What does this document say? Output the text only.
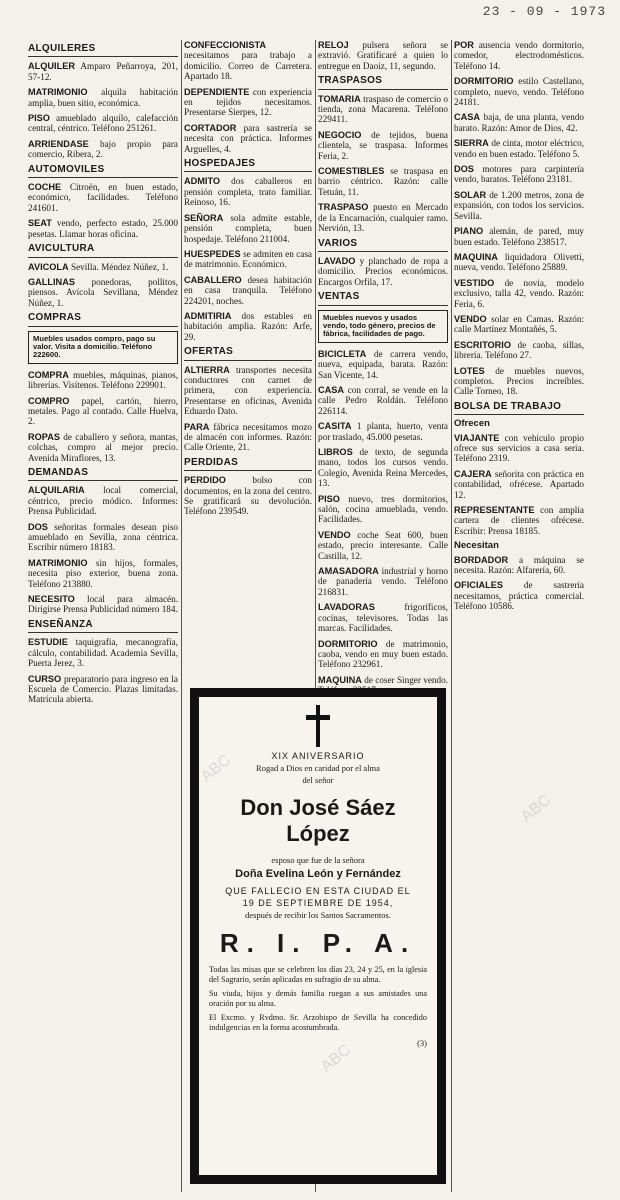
23 - 09 - 1973
ALQUILERES

ALQUILER Amparo Peñarroya, 201, 57-12.

MATRIMONIO alquila habitación amplia, buen sitio, económica.

PISO amueblado alquilo, calefacción central, céntrico. Teléfono 251261.

ARRIENDASE bajo propio para comercio, Ribera, 2.

AUTOMOVILES

COCHE Citroën, en buen estado, económico, facilidades. Teléfono 241601.

SEAT vendo, perfecto estado, 25.000 pesetas. Llamar horas oficina.

AVICULTURA

AVICOLA Sevilla. Méndez Núñez, 1.

GALLINAS ponedoras, pollitos, piensos. Avícola Sevillana, Méndez Núñez, 1.

COMPRAS
Muebles usados compro, pago su valor. Visita a domicilio. Teléfono 222600.

COMPRA muebles, máquinas, pianos, librerías. Visítenos. Teléfono 229901.

COMPRO papel, cartón, hierro, metales. Pago al contado. Calle Huelva, 2.

ROPAS de caballero y señora, mantas, colchas, compro al mejor precio. Avenida Miraflores, 13.

DEMANDAS

ALQUILARIA local comercial, céntrico, precio módico. Informes: Prensa Publicidad.

DOS señoritas formales desean piso amueblado en Sevilla, zona céntrica. Escribir número 18183.

MATRIMONIO sin hijos, formales, necesita piso exterior, buena zona. Teléfono 213880.

NECESITO local para almacén. Dirigirse Prensa Publicidad número 184.

ENSEÑANZA

ESTUDIE taquigrafía, mecanografía, cálculo, contabilidad. Academia Sevilla, Puerta Jerez, 3.

CURSO preparatorio para ingreso en la Escuela de Comercio. Plazas limitadas. Matrícula abierta.

CONFECCIONISTA necesitamos para trabajo a domicilio. Correo de Carretera. Apartado 18.

DEPENDIENTE con experiencia en tejidos necesitamos. Presentarse Sierpes, 12.

CORTADOR para sastrería se necesita con práctica. Informes Arguelles, 4.

HOSPEDAJES

ADMITO dos caballeros en pensión completa, trato familiar. Reinoso, 16.

SEÑORA sola admite estable, pensión completa, buen hospedaje. Teléfono 211004.

HUESPEDES se admiten en casa de matrimonio. Económico.

CABALLERO desea habitación en casa tranquila. Teléfono 224201, noches.

ADMITIRIA dos estables en habitación amplia. Razón: Arfe, 29.

OFERTAS

ALTIERRA transportes necesita conductores con carnet de primera, con experiencia. Presentarse en oficinas, Avenida Eduardo Dato.

PARA fábrica necesitamos mozo de almacén con informes. Razón: Calle Oriente, 21.

PERDIDAS

PERDIDO	bolso con documentos, en la zona del centro. Se gratificará su devolución. Teléfono 239549.

RELOJ pulsera señora se extravió. Gratificaré a quien lo entregue en Daoiz, 11, segundo.

TRASPASOS

TOMARIA traspaso de comercio o tienda, zona Macarena. Teléfono 229411.

NEGOCIO de tejidos, buena clientela, se traspasa. Informes Feria, 2.

COMESTIBLES se traspasa en barrio céntrico. Razón: calle Tetuán, 11.

TRASPASO puesto en Mercado de la Encarnación, cualquier ramo. Nervión, 13.

VARIOS

LAVADO y planchado de ropa a domicilio. Precios económicos. Encargos Orfila, 17.

VENTAS
Muebles nuevos y usados vendo, todo género, precios de fábrica, facilidades de pago.

BICICLETA de carrera vendo, nueva, equipada, barata. Razón: San Vicente, 14.

CASA con corral, se vende en la calle Pedro Roldán. Teléfono 226114.

CASITA 1 planta, huerto, venta por traslado, 45.000 pesetas.

LIBROS de texto, de segunda mano, todos los cursos vendo. Colegio, Avenida Reina Mercedes, 13.

PISO nuevo, tres dormitorios, salón, cocina amueblada, vendo. Facilidades.

VENDO coche Seat 600, buen estado, precio interesante. Calle Castilla, 12.

AMASADORA industrial y horno de panadería vendo. Teléfono 216831.

LAVADORAS	frigoríficos, cocinas, televisores. Todas las marcas. Facilidades.

DORMITORIO de matrimonio, caoba, vendo en muy buen estado. Teléfono 232961.

MAQUINA de coser Singer vendo.

POR ausencia vendo dormitorio, comedor, electrodomésticos. Teléfono 14.

DORMITORIO estilo Castellano, completo, nuevo, vendo. Teléfono 24181.

CASA baja, de una planta, vendo barato. Razón: Amor de Dios, 42.

SIERRA de cinta, motor eléctrico, vendo en buen estado. Teléfono 5.

DOS motores para carpintería vendo, baratos. Teléfono 23181.

SOLAR de 1.200 metros, zona de expansión, con todos los servicios. Sevilla.

PIANO alemán, de pared, muy buen estado. Teléfono 238517.

MAQUINA liquidadora Olivetti, nueva, vendo. Teléfono 25889.

VESTIDO de novia, modelo exclusivo, talla 42, vendo. Razón: Feria, 6.

VENDO solar en Camas. Razón: calle Martínez Montañés, 5.

ESCRITORIO de caoba, sillas, librería. Teléfono 27.

LOTES de muebles nuevos, completos. Precios increíbles. Calle Torneo, 18.

BOLSA DE TRABAJO
Ofrecen

VIAJANTE con vehículo propio ofrece sus servicios a casa seria. Teléfono 2319.

CAJERA señorita con práctica en contabilidad, ofrécese. Apartado 12.

REPRESENTANTE con amplia cartera de clientes ofrécese. Escribir: Prensa 18185.

Necesitan

BORDADOR a máquina se necesita. Razón: Alfarería, 60.

OFICIALES de sastrería necesitamos, práctica comercial. Teléfono 10586.

XIX ANIVERSARIO
Rogad a Dios en caridad por el alma
del señor
Don José Sáez López
esposo que fue de la señora
Doña Evelina León y Fernández
QUE FALLECIO EN ESTA CIUDAD EL
19 DE SEPTIEMBRE DE 1954,
después de recibir los Santos Sacramentos.
R. I. P. A.

Todas las misas que se celebren los días 23, 24 y 25, en la iglesia del Sagrario, serán aplicadas en sufragio de su alma.

Su viuda, hijos y demás familia ruegan a sus amistades una oración por su alma.

El Excmo. y Rvdmo. Sr. Arzobispo de Sevilla ha concedido indulgencias en la forma acostumbrada.

(3)
ABC
ABC
ABC
